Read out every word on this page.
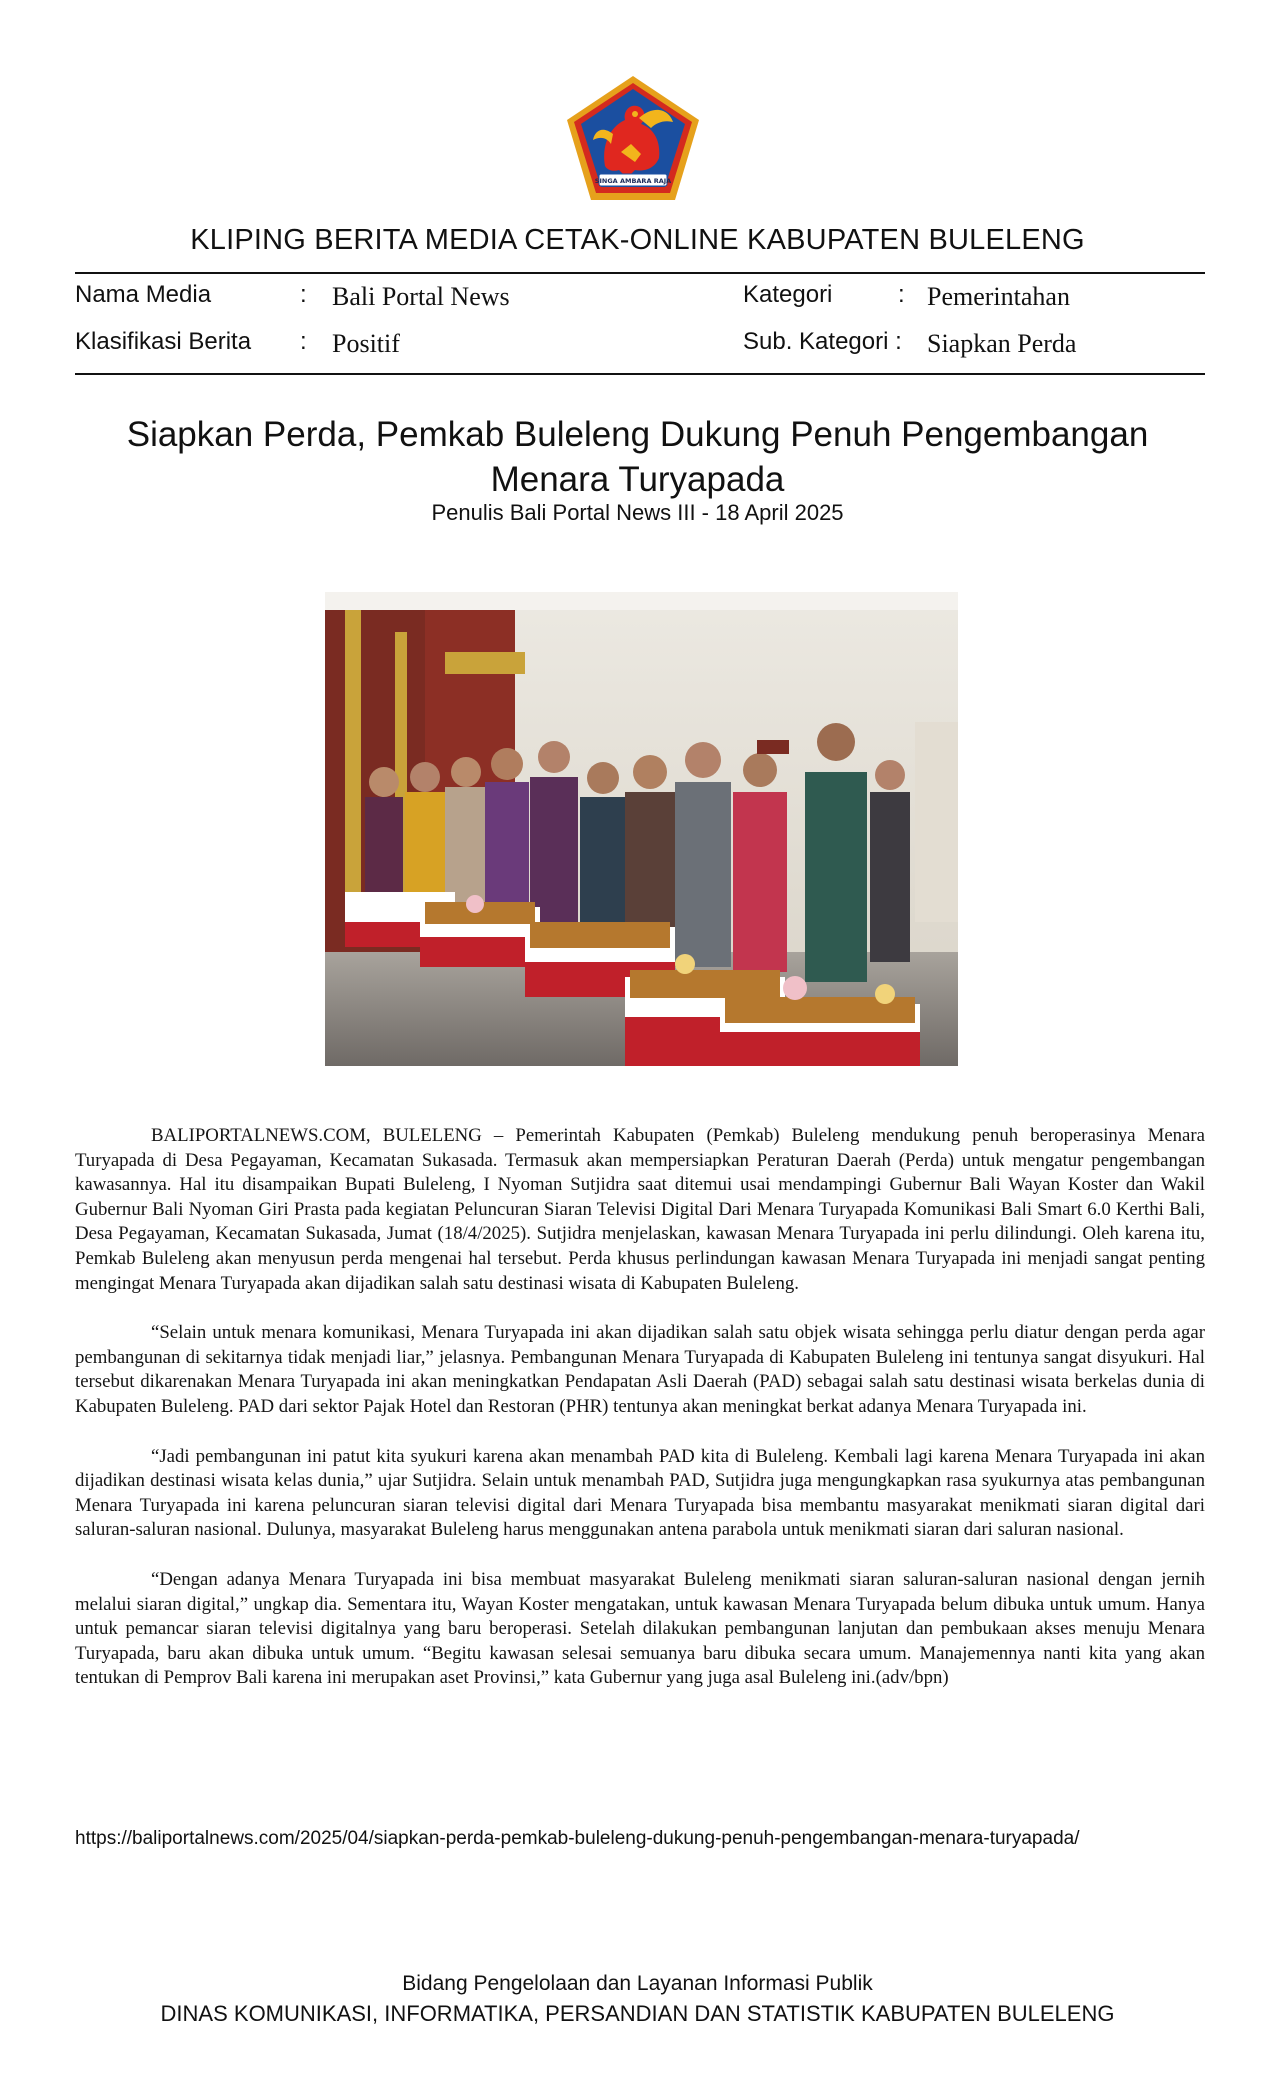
SINGA AMBARA RAJA
KLIPING BERITA MEDIA CETAK-ONLINE KABUPATEN BULELENG
Nama Media	: Bali Portal News	Kategori	: Pemerintahan
Klasifikasi Berita : Positif	Sub. Kategori : Siapkan Perda
Siapkan Perda, Pemkab Buleleng Dukung Penuh Pengembangan Menara Turyapada
Penulis Bali Portal News III - 18 April 2025

BALIPORTALNEWS.COM, BULELENG – Pemerintah Kabupaten (Pemkab) Buleleng mendukung penuh beroperasinya Menara Turyapada di Desa Pegayaman, Kecamatan Sukasada. Termasuk akan mempersiapkan Peraturan Daerah (Perda) untuk mengatur pengembangan kawasannya. Hal itu disampaikan Bupati Buleleng, I Nyoman Sutjidra saat ditemui usai mendampingi Gubernur Bali Wayan Koster dan Wakil Gubernur Bali Nyoman Giri Prasta pada kegiatan Peluncuran Siaran Televisi Digital Dari Menara Turyapada Komunikasi Bali Smart 6.0 Kerthi Bali, Desa Pegayaman, Kecamatan Sukasada, Jumat (18/4/2025). Sutjidra menjelaskan, kawasan Menara Turyapada ini perlu dilindungi. Oleh karena itu, Pemkab Buleleng akan menyusun perda mengenai hal tersebut. Perda khusus perlindungan kawasan Menara Turyapada ini menjadi sangat penting mengingat Menara Turyapada akan dijadikan salah satu destinasi wisata di Kabupaten Buleleng.

“Selain untuk menara komunikasi, Menara Turyapada ini akan dijadikan salah satu objek wisata sehingga perlu diatur dengan perda agar pembangunan di sekitarnya tidak menjadi liar,” jelasnya. Pembangunan Menara Turyapada di Kabupaten Buleleng ini tentunya sangat disyukuri. Hal tersebut dikarenakan Menara Turyapada ini akan meningkatkan Pendapatan Asli Daerah (PAD) sebagai salah satu destinasi wisata berkelas dunia di Kabupaten Buleleng. PAD dari sektor Pajak Hotel dan Restoran (PHR) tentunya akan meningkat berkat adanya Menara Turyapada ini.

“Jadi pembangunan ini patut kita syukuri karena akan menambah PAD kita di Buleleng. Kembali lagi karena Menara Turyapada ini akan dijadikan destinasi wisata kelas dunia,” ujar Sutjidra. Selain untuk menambah PAD, Sutjidra juga mengungkapkan rasa syukurnya atas pembangunan Menara Turyapada ini karena peluncuran siaran televisi digital dari Menara Turyapada bisa membantu masyarakat menikmati siaran digital dari saluran-saluran nasional. Dulunya, masyarakat Buleleng harus menggunakan antena parabola untuk menikmati siaran dari saluran nasional.

“Dengan adanya Menara Turyapada ini bisa membuat masyarakat Buleleng menikmati siaran saluran-saluran nasional dengan jernih melalui siaran digital,” ungkap dia. Sementara itu, Wayan Koster mengatakan, untuk kawasan Menara Turyapada belum dibuka untuk umum. Hanya untuk pemancar siaran televisi digitalnya yang baru beroperasi. Setelah dilakukan pembangunan lanjutan dan pembukaan akses menuju Menara Turyapada, baru akan dibuka untuk umum. “Begitu kawasan selesai semuanya baru dibuka secara umum. Manajemennya nanti kita yang akan tentukan di Pemprov Bali karena ini merupakan aset Provinsi,” kata Gubernur yang juga asal Buleleng ini.(adv/bpn)

https://baliportalnews.com/2025/04/siapkan-perda-pemkab-buleleng-dukung-penuh-pengembangan-menara-turyapada/
Bidang Pengelolaan dan Layanan Informasi Publik
DINAS KOMUNIKASI, INFORMATIKA, PERSANDIAN DAN STATISTIK KABUPATEN BULELENG
